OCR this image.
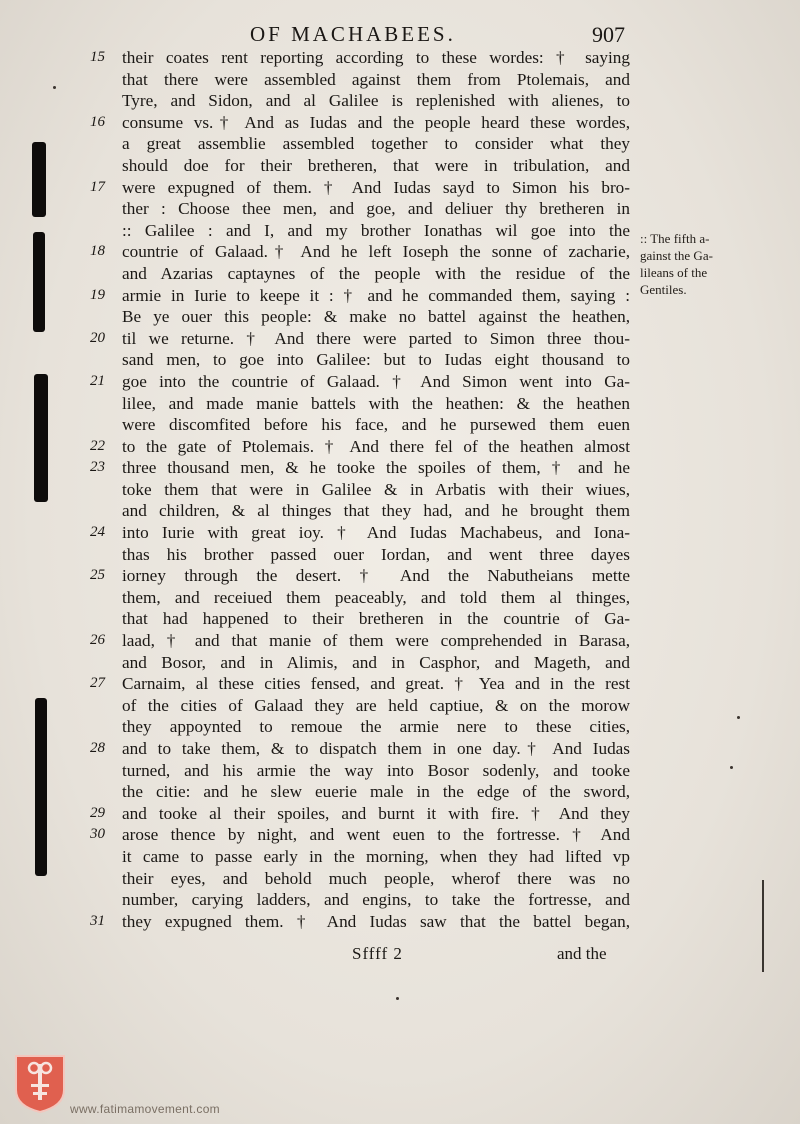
OF MACHABEES.	907
15 their coates rent reporting according to these wordes: † saying
that there were assembled against them from Ptolemais, and
Tyre, and Sidon, and al Galilee is replenished with alienes, to
16 consume vs.† And as Iudas and the people heard these wordes,
a great assemblie assembled together to consider what they
should doe for their bretheren, that were in tribulation, and
17 were expugned of them. † And Iudas sayd to Simon his bro-
ther : Choose thee men, and goe, and deliuer thy bretheren in
:: Galilee : and I, and my brother Ionathas wil goe into the
18 countrie of Galaad.† And he left Ioseph the sonne of zacharie,
and Azarias captaynes of the people with the residue of the
19 armie in Iurie to keepe it : † and he commanded them, saying :
Be ye ouer this people: & make no battel against the heathen,
20 til we returne. † And there were parted to Simon three thou-
sand men, to goe into Galilee: but to Iudas eight thousand to
21 goe into the countrie of Galaad. † And Simon went into Ga-
lilee, and made manie battels with the heathen: & the heathen
were discomfited before his face, and he pursewed them euen
22 to the gate of Ptolemais. † And there fel of the heathen almost
23 three thousand men, & he tooke the spoiles of them, † and he
toke them that were in Galilee & in Arbatis with their wiues,
and children, & al thinges that they had, and he brought them
24 into Iurie with great ioy. † And Iudas Machabeus, and Iona-
thas his brother passed ouer Iordan, and went three dayes
25 iorney through the desert. † And the Nabutheians mette
them, and receiued them peaceably, and told them al thinges,
that had happened to their bretheren in the countrie of Ga-
26 laad, † and that manie of them were comprehended in Barasa,
and Bosor, and in Alimis, and in Casphor, and Mageth, and
27 Carnaim, al these cities fensed, and great. † Yea and in the rest
of the cities of Galaad they are held captiue, & on the morow
they appoynted to remoue the armie nere to these cities,
28 and to take them, & to dispatch them in one day.† And Iudas
turned, and his armie the way into Bosor sodenly, and tooke
the citie: and he slew euerie male in the edge of the sword,
29 and tooke al their spoiles, and burnt it with fire. † And they
30 arose thence by night, and went euen to the fortresse. † And
it came to passe early in the morning, when they had lifted vp
their eyes, and behold much people, wherof there was no
number, carying ladders, and engins, to take the fortresse, and
31 they expugned them. † And Iudas saw that the battel began,
:: The fifth a-
gainst the Ga-
lileans of the
Gentiles.
Sffff 2	and the
www.fatimamovement.com
